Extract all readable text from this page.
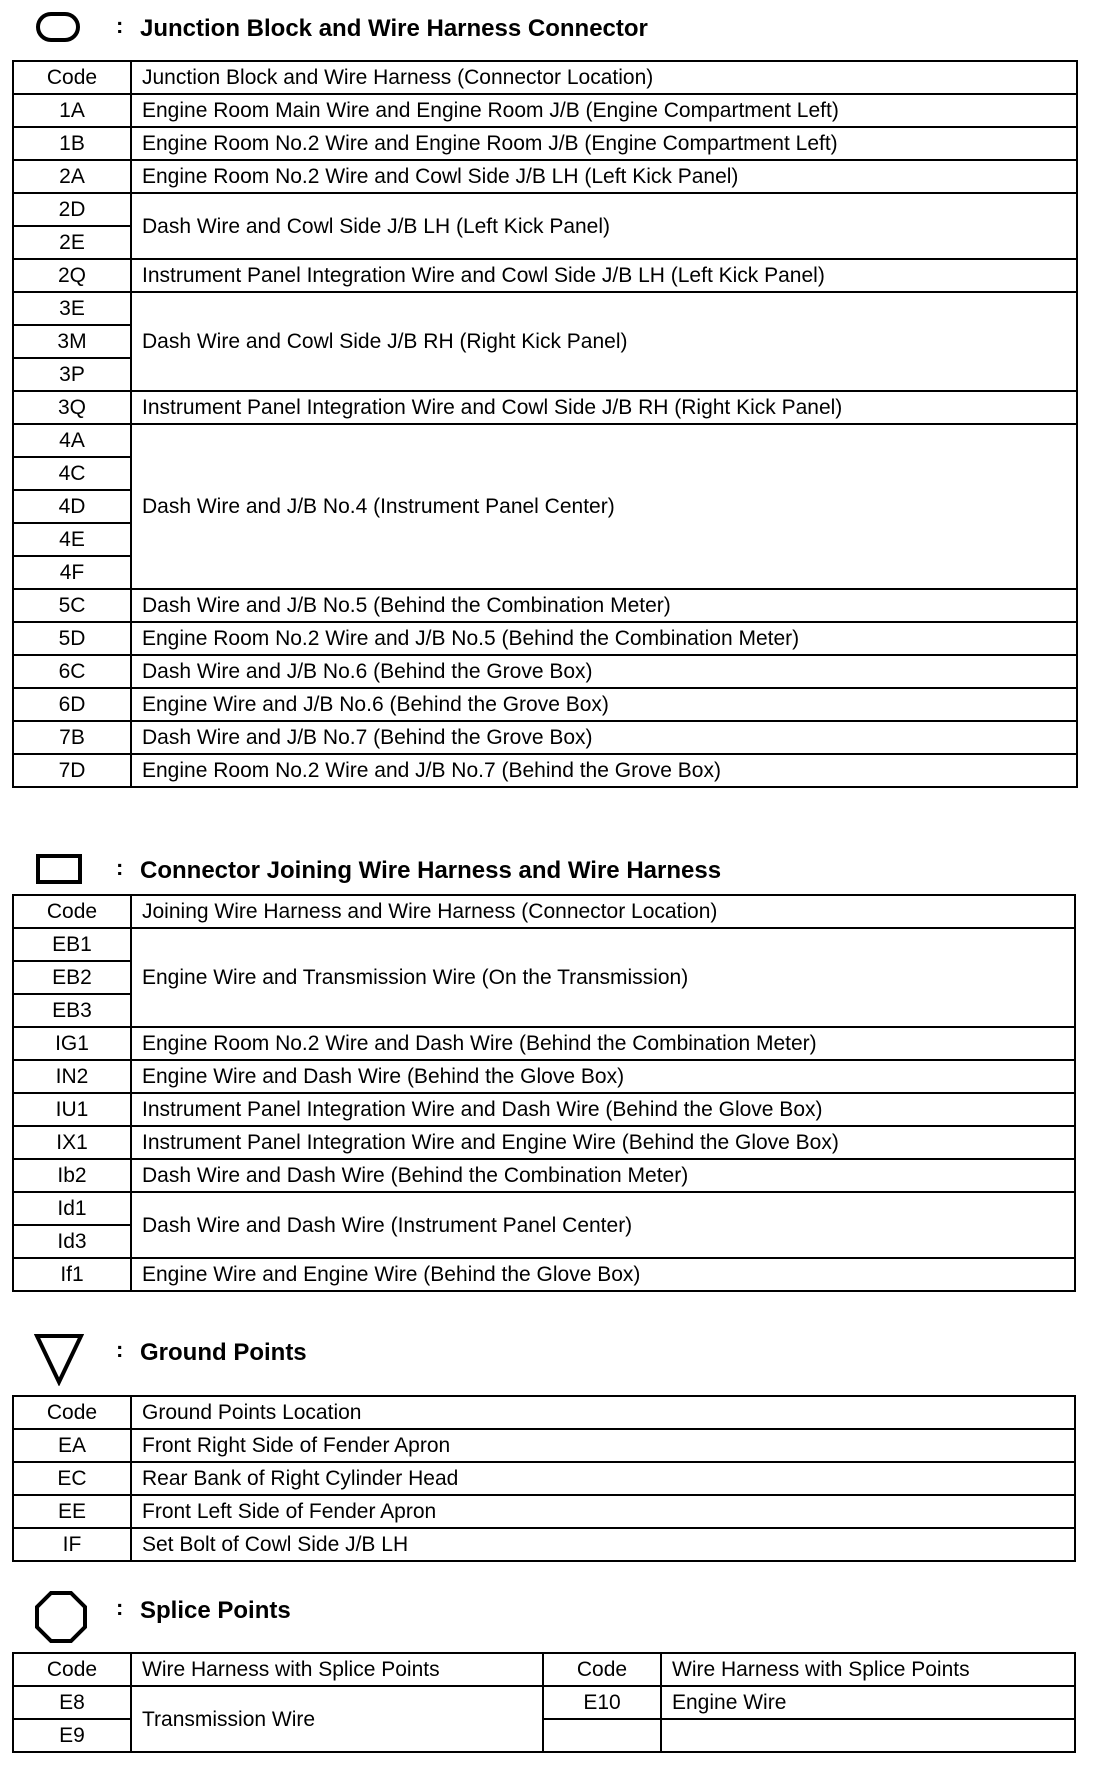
: Junction Block and Wire Harness Connector
Code	Junction Block and Wire Harness (Connector Location)
1A	Engine Room Main Wire and Engine Room J/B (Engine Compartment Left)
1B	Engine Room No.2 Wire and Engine Room J/B (Engine Compartment Left)
2A	Engine Room No.2 Wire and Cowl Side J/B LH (Left Kick Panel)
2D	Dash Wire and Cowl Side J/B LH (Left Kick Panel)
2E	
2Q	Instrument Panel Integration Wire and Cowl Side J/B LH (Left Kick Panel)
3E	Dash Wire and Cowl Side J/B RH (Right Kick Panel)
3M	
3P	
3Q	Instrument Panel Integration Wire and Cowl Side J/B RH (Right Kick Panel)
4A	Dash Wire and J/B No.4 (Instrument Panel Center)
4C	
4D	
4E	
4F	
5C	Dash Wire and J/B No.5 (Behind the Combination Meter)
5D	Engine Room No.2 Wire and J/B No.5 (Behind the Combination Meter)
6C	Dash Wire and J/B No.6 (Behind the Grove Box)
6D	Engine Wire and J/B No.6 (Behind the Grove Box)
7B	Dash Wire and J/B No.7 (Behind the Grove Box)
7D	Engine Room No.2 Wire and J/B No.7 (Behind the Grove Box)
: Connector Joining Wire Harness and Wire Harness
Code	Joining Wire Harness and Wire Harness (Connector Location)
EB1	Engine Wire and Transmission Wire (On the Transmission)
EB2	
EB3	
IG1	Engine Room No.2 Wire and Dash Wire (Behind the Combination Meter)
IN2	Engine Wire and Dash Wire (Behind the Glove Box)
IU1	Instrument Panel Integration Wire and Dash Wire (Behind the Glove Box)
IX1	Instrument Panel Integration Wire and Engine Wire (Behind the Glove Box)
Ib2	Dash Wire and Dash Wire (Behind the Combination Meter)
Id1	Dash Wire and Dash Wire (Instrument Panel Center)
Id3	
If1	Engine Wire and Engine Wire (Behind the Glove Box)
: Ground Points
Code	Ground Points Location
EA	Front Right Side of Fender Apron
EC	Rear Bank of Right Cylinder Head
EE	Front Left Side of Fender Apron
IF	Set Bolt of Cowl Side J/B LH
: Splice Points
Code	Wire Harness with Splice Points	Code	Wire Harness with Splice Points
E8	Transmission Wire	E10	Engine Wire
E9			
